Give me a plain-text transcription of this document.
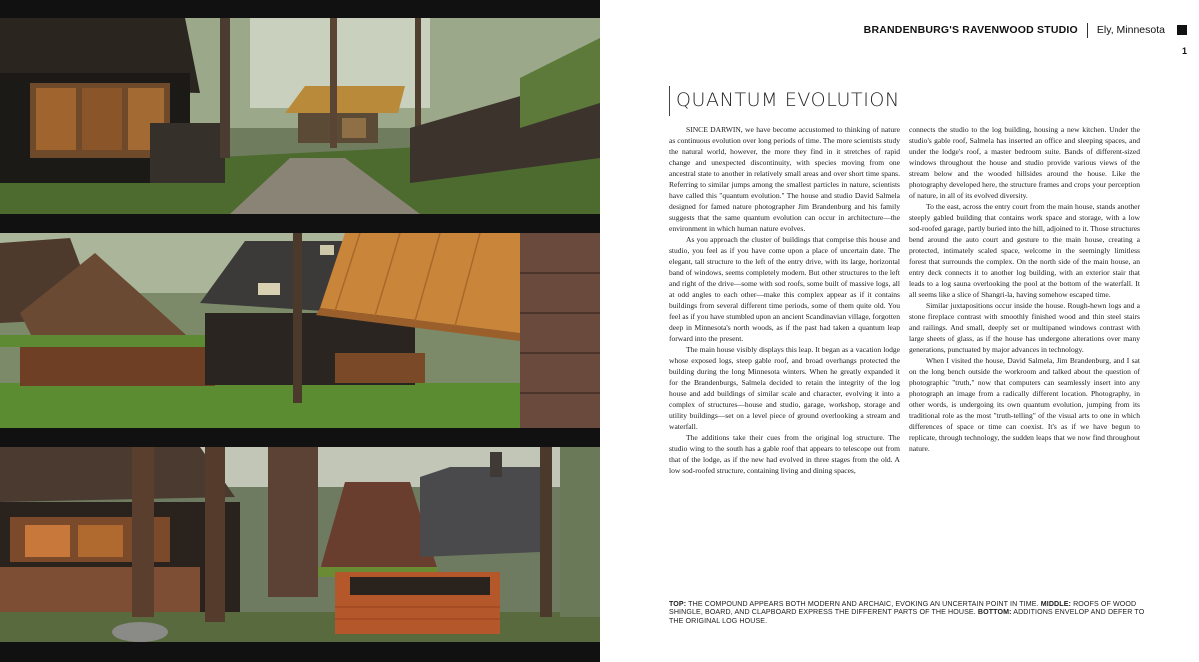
BRANDENBURG'S RAVENWOOD STUDIO Ely, Minnesota
1
QUANTUM EVOLUTION

SINCE DARWIN, we have become accustomed to thinking of nature as continuous evolution over long periods of time. The more scientists study the natural world, however, the more they find in it stretches of rapid change and unexpected discontinuity, with species moving from one ancestral state to another in relatively small areas and over short time spans. Referring to similar jumps among the smallest particles in nature, scientists have called this "quantum evolution." The house and studio David Salmela designed for famed nature photographer Jim Brandenburg and his family suggests that the same quantum evolution can occur in architecture—the environment in which human nature evolves.

As you approach the cluster of buildings that comprise this house and studio, you feel as if you have come upon a place of uncertain date. The elegant, tall structure to the left of the entry drive, with its large, horizontal band of windows, seems completely modern. But other structures to the left and right of the drive—some with sod roofs, some built of massive logs, all at odd angles to each other—make this complex appear as if it contains buildings from several different time periods, some of them quite old. You feel as if you have stumbled upon an ancient Scandinavian village, forgotten deep in Minnesota's north woods, as if the past had taken a quantum leap forward into the present.

The main house visibly displays this leap. It began as a vacation lodge whose exposed logs, steep gable roof, and broad overhangs protected the building during the long Minnesota winters. When he greatly expanded it for the Brandenburgs, Salmela decided to retain the integrity of the log house and add buildings of similar scale and character, evolving it into a complex of structures—house and studio, garage, workshop, storage and utility buildings—set on a level piece of ground overlooking a stream and waterfall.

The additions take their cues from the original log structure. The studio wing to the south has a gable roof that appears to telescope out from that of the lodge, as if the new had evolved in three stages from the old. A low sod-roofed structure, containing living and dining spaces,

connects the studio to the log building, housing a new kitchen. Under the studio's gable roof, Salmela has inserted an office and sleeping spaces, and under the lodge's roof, a master bedroom suite. Bands of different-sized windows throughout the house and studio provide various views of the stream below and the wooded hillsides around the house. Like the photography developed here, the structure frames and crops your perception of nature, in all of its evolved diversity.

To the east, across the entry court from the main house, stands another steeply gabled building that contains work space and storage, with a low sod-roofed garage, partly buried into the hill, adjoined to it. Those structures bend around the auto court and gesture to the main house, creating a protected, intimately scaled space, welcome in the seemingly limitless forest that surrounds the complex. On the north side of the main house, an entry deck connects it to another log building, with an exterior stair that leads to a log sauna overlooking the pool at the bottom of the waterfall. It all seems like a slice of Shangri-la, having somehow escaped time.

Similar juxtapositions occur inside the house. Rough-hewn logs and a stone fireplace contrast with smoothly finished wood and thin steel stairs and railings. And small, deeply set or multipaned windows contrast with large sheets of glass, as if the house has undergone alterations over many generations, punctuated by major advances in technology.

When I visited the house, David Salmela, Jim Brandenburg, and I sat on the long bench outside the workroom and talked about the question of photographic "truth," now that computers can seamlessly insert into any photograph an image from a radically different location. Photography, in other words, is undergoing its own quantum evolution, jumping from its traditional role as the most "truth-telling" of the visual arts to one in which differences of space or time can coexist. It's as if we have begun to replicate, through technology, the sudden leaps that we now find throughout nature.

TOP: THE COMPOUND APPEARS BOTH MODERN AND ARCHAIC, EVOKING AN UNCERTAIN POINT IN TIME. MIDDLE: ROOFS OF WOOD SHINGLE, BOARD, AND CLAPBOARD EXPRESS THE DIFFERENT PARTS OF THE HOUSE. BOTTOM: ADDITIONS ENVELOP AND DEFER TO THE ORIGINAL LOG HOUSE.
